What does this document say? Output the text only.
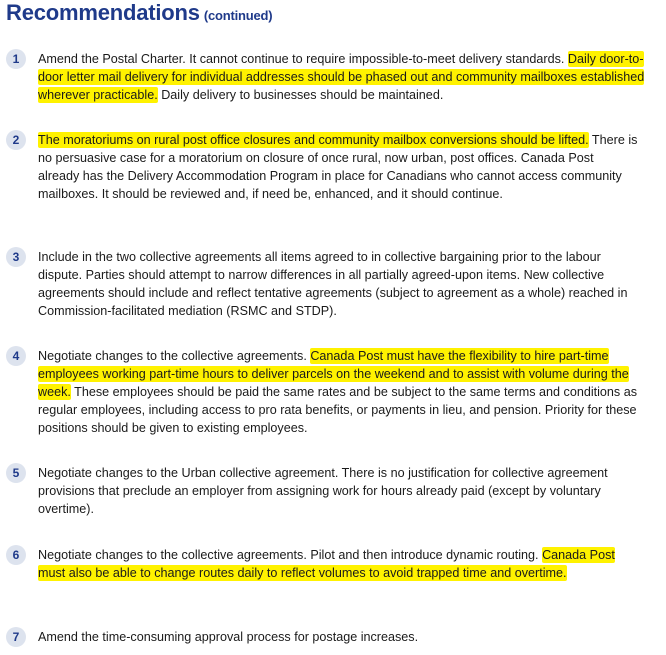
Recommendations (continued)
1	Amend the Postal Charter. It cannot continue to require impossible-to-meet delivery standards. Daily door-to-door letter mail delivery for individual addresses should be phased out and community mailboxes established wherever practicable. Daily delivery to businesses should be maintained.
2	The moratoriums on rural post office closures and community mailbox conversions should be lifted. There is no persuasive case for a moratorium on closure of once rural, now urban, post offices. Canada Post already has the Delivery Accommodation Program in place for Canadians who cannot access community mailboxes. It should be reviewed and, if need be, enhanced, and it should continue.
3	Include in the two collective agreements all items agreed to in collective bargaining prior to the labour dispute. Parties should attempt to narrow differences in all partially agreed-upon items. New collective agreements should include and reflect tentative agreements (subject to agreement as a whole) reached in Commission-facilitated mediation (RSMC and STDP).
4	Negotiate changes to the collective agreements. Canada Post must have the flexibility to hire part-time employees working part-time hours to deliver parcels on the weekend and to assist with volume during the week. These employees should be paid the same rates and be subject to the same terms and conditions as regular employees, including access to pro rata benefits, or payments in lieu, and pension. Priority for these positions should be given to existing employees.
5	Negotiate changes to the Urban collective agreement. There is no justification for collective agreement provisions that preclude an employer from assigning work for hours already paid (except by voluntary overtime).
6	Negotiate changes to the collective agreements. Pilot and then introduce dynamic routing. Canada Post must also be able to change routes daily to reflect volumes to avoid trapped time and overtime.
7	Amend the time-consuming approval process for postage increases.
